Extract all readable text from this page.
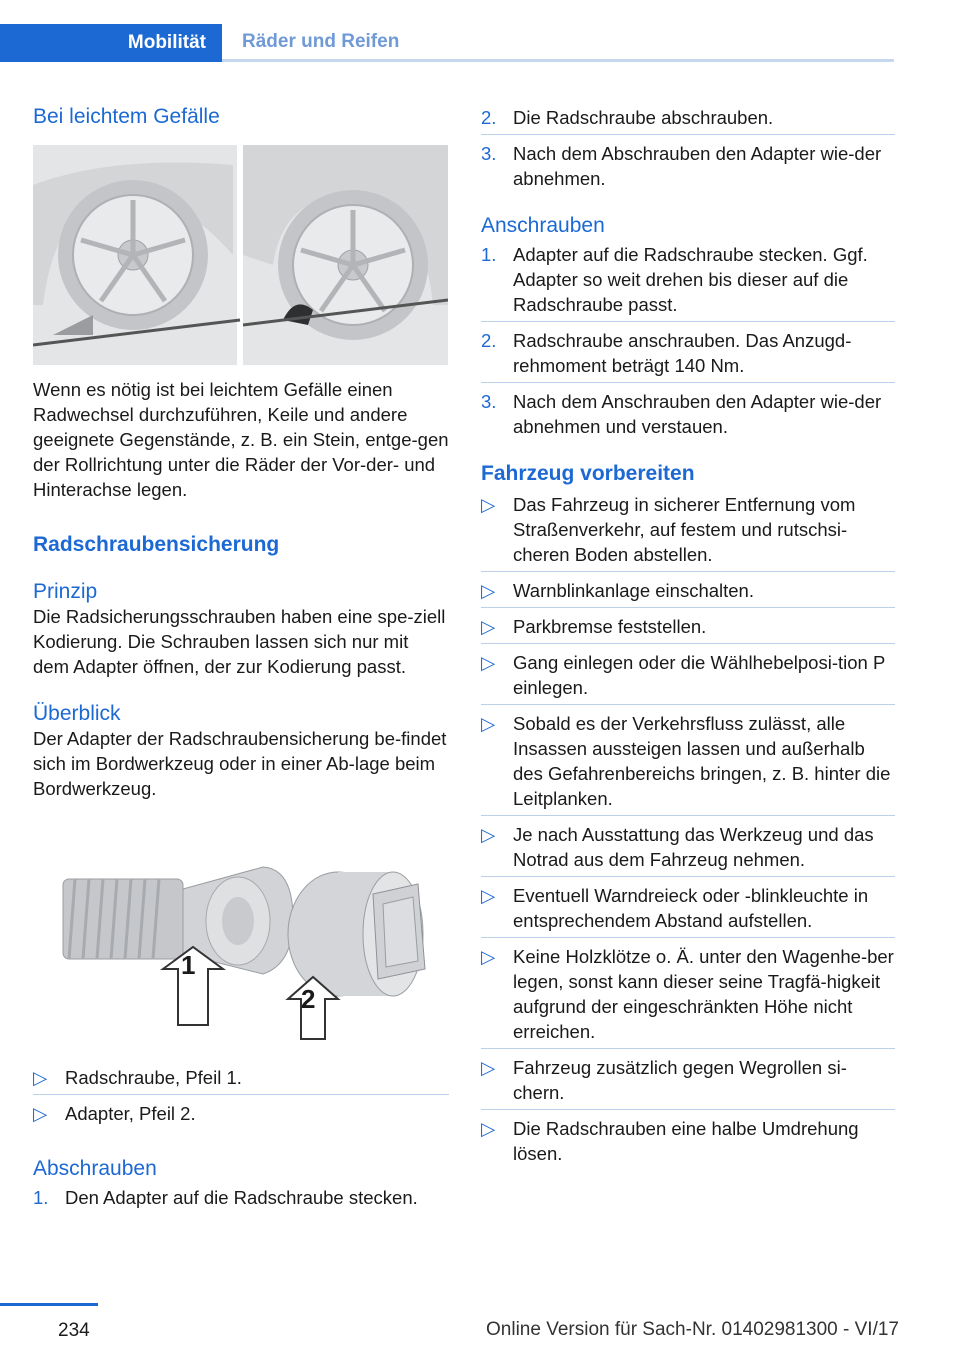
Mobilität	Räder und Reifen
Bei leichtem Gefälle

Wenn es nötig ist bei leichtem Gefälle einen Radwechsel durchzuführen, Keile und andere geeignete Gegenstände, z. B. ein Stein, entge-gen der Rollrichtung unter die Räder der Vor-der- und Hinterachse legen.

Radschraubensicherung
Prinzip

Die Radsicherungsschrauben haben eine spe-ziell Kodierung. Die Schrauben lassen sich nur mit dem Adapter öffnen, der zur Kodierung passt.

Überblick

Der Adapter der Radschraubensicherung be-findet sich im Bordwerkzeug oder in einer Ab-lage beim Bordwerkzeug.

1
2
▷ Radschraube, Pfeil 1.
▷ Adapter, Pfeil 2.
Abschrauben
1. Den Adapter auf die Radschraube stecken.
2. Die Radschraube abschrauben.
3. Nach dem Abschrauben den Adapter wie-der abnehmen.
Anschrauben
1. Adapter auf die Radschraube stecken. Ggf. Adapter so weit drehen bis dieser auf die Radschraube passt.
2. Radschraube anschrauben. Das Anzugd-rehmoment beträgt 140 Nm.
3. Nach dem Anschrauben den Adapter wie-der abnehmen und verstauen.
Fahrzeug vorbereiten
▷ Das Fahrzeug in sicherer Entfernung vom Straßenverkehr, auf festem und rutschsi-cheren Boden abstellen.
▷ Warnblinkanlage einschalten.
▷ Parkbremse feststellen.
▷ Gang einlegen oder die Wählhebelposi-tion P einlegen.
▷ Sobald es der Verkehrsfluss zulässt, alle Insassen aussteigen lassen und außerhalb des Gefahrenbereichs bringen, z. B. hinter die Leitplanken.
▷ Je nach Ausstattung das Werkzeug und das Notrad aus dem Fahrzeug nehmen.
▷ Eventuell Warndreieck oder -blinkleuchte in entsprechendem Abstand aufstellen.
▷ Keine Holzklötze o. Ä. unter den Wagenhe-ber legen, sonst kann dieser seine Tragfä-higkeit aufgrund der eingeschränkten Höhe nicht erreichen.
▷ Fahrzeug zusätzlich gegen Wegrollen si-chern.
▷ Die Radschrauben eine halbe Umdrehung lösen.
234	Online Version für Sach-Nr. 01402981300 - VI/17
